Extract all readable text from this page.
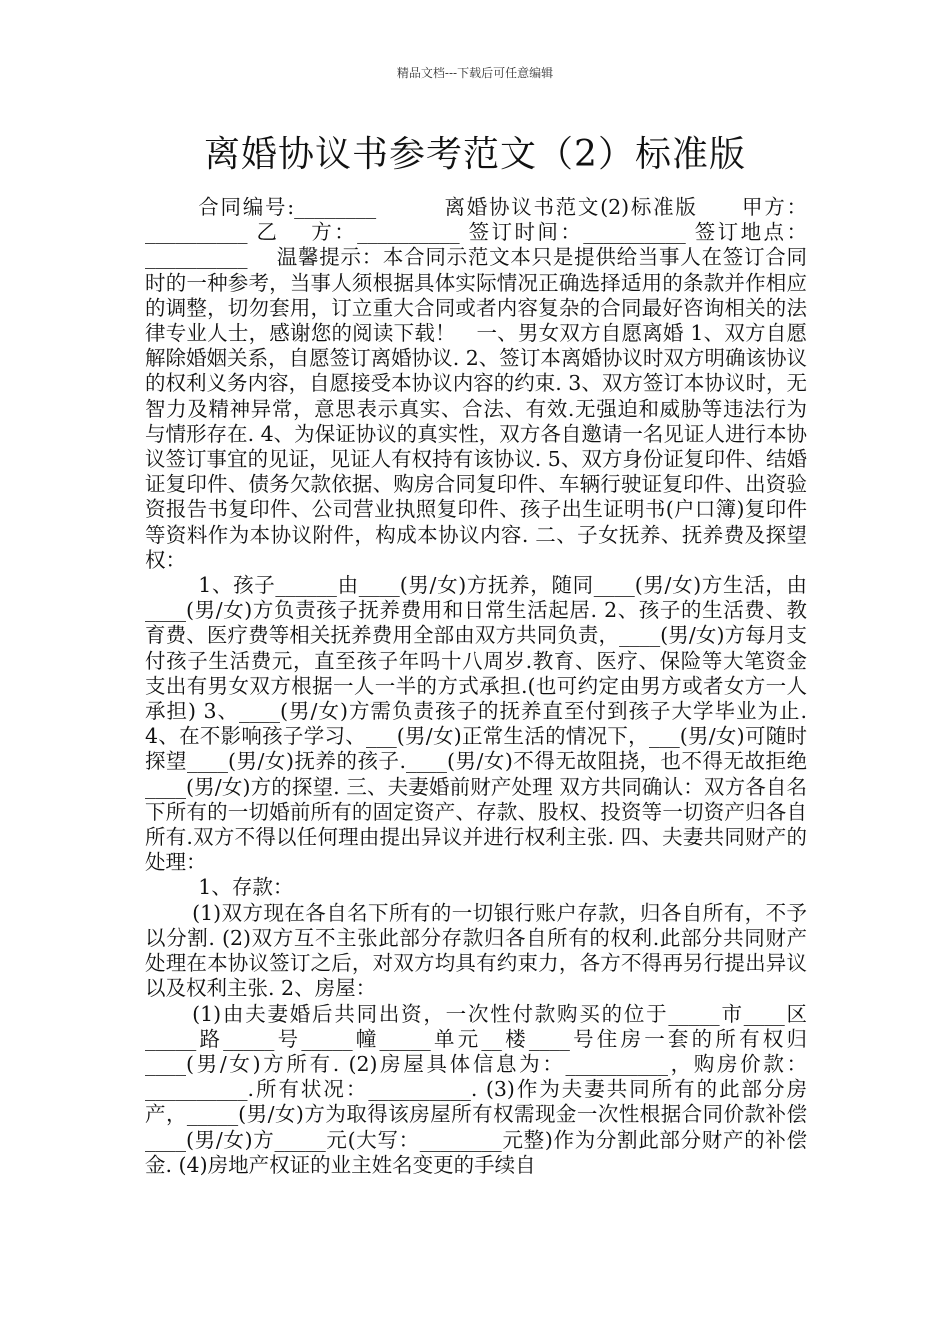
精品文档---下载后可任意编辑
离婚协议书参考范文（2）标准版

合同编号:________　　　离婚协议书范文(2)标准版　　甲方：__________ 乙　 方：__________ 签订时间：__________ 签订地点：__________　 温馨提示：本合同示范文本只是提供给当事人在签订合同时的一种参考，当事人须根据具体实际情况正确选择适用的条款并作相应的调整，切勿套用，订立重大合同或者内容复杂的合同最好咨询相关的法律专业人士，感谢您的阅读下载！　一、男女双方自愿离婚 1、双方自愿解除婚姻关系，自愿签订离婚协议. 2、签订本离婚协议时双方明确该协议的权利义务内容，自愿接受本协议内容的约束. 3、双方签订本协议时，无智力及精神异常，意思表示真实、合法、有效.无强迫和威胁等违法行为与情形存在. 4、为保证协议的真实性，双方各自邀请一名见证人进行本协议签订事宜的见证，见证人有权持有该协议. 5、双方身份证复印件、结婚证复印件、债务欠款依据、购房合同复印件、车辆行驶证复印件、出资验资报告书复印件、公司营业执照复印件、孩子出生证明书(户口簿)复印件等资料作为本协议附件，构成本协议内容. 二、子女抚养、抚养费及探望权：

1、孩子______由____(男/女)方抚养，随同____(男/女)方生活，由____(男/女)方负责孩子抚养费用和日常生活起居. 2、孩子的生活费、教育费、医疗费等相关抚养费用全部由双方共同负责，____(男/女)方每月支付孩子生活费元，直至孩子年吗十八周岁.教育、医疗、保险等大笔资金支出有男女双方根据一人一半的方式承担.(也可约定由男方或者女方一人承担) 3、____(男/女)方需负责孩子的抚养直至付到孩子大学毕业为止. 4、在不影响孩子学习、___(男/女)正常生活的情况下，___(男/女)可随时探望____(男/女)抚养的孩子.____(男/女)不得无故阻挠，也不得无故拒绝____(男/女)方的探望. 三、夫妻婚前财产处理 双方共同确认：双方各自名下所有的一切婚前所有的固定资产、存款、股权、投资等一切资产归各自所有.双方不得以任何理由提出异议并进行权利主张. 四、夫妻共同财产的处理：

1、存款：

(1)双方现在各自名下所有的一切银行账户存款，归各自所有，不予以分割. (2)双方互不主张此部分存款归各自所有的权利.此部分共同财产处理在本协议签订之后，对双方均具有约束力，各方不得再另行提出异议以及权利主张. 2、房屋：

(1)由夫妻婚后共同出资，一次性付款购买的位于_____市____区_____路_____号_____幢_____单元__楼____号住房一套的所有权归____(男/女)方所有. (2)房屋具体信息为：__________，购房价款：__________.所有状况：__________. (3)作为夫妻共同所有的此部分房产，_____(男/女)方为取得该房屋所有权需现金一次性根据合同价款补偿____(男/女)方_____元(大写：________元整)作为分割此部分财产的补偿金. (4)房地产权证的业主姓名变更的手续自
